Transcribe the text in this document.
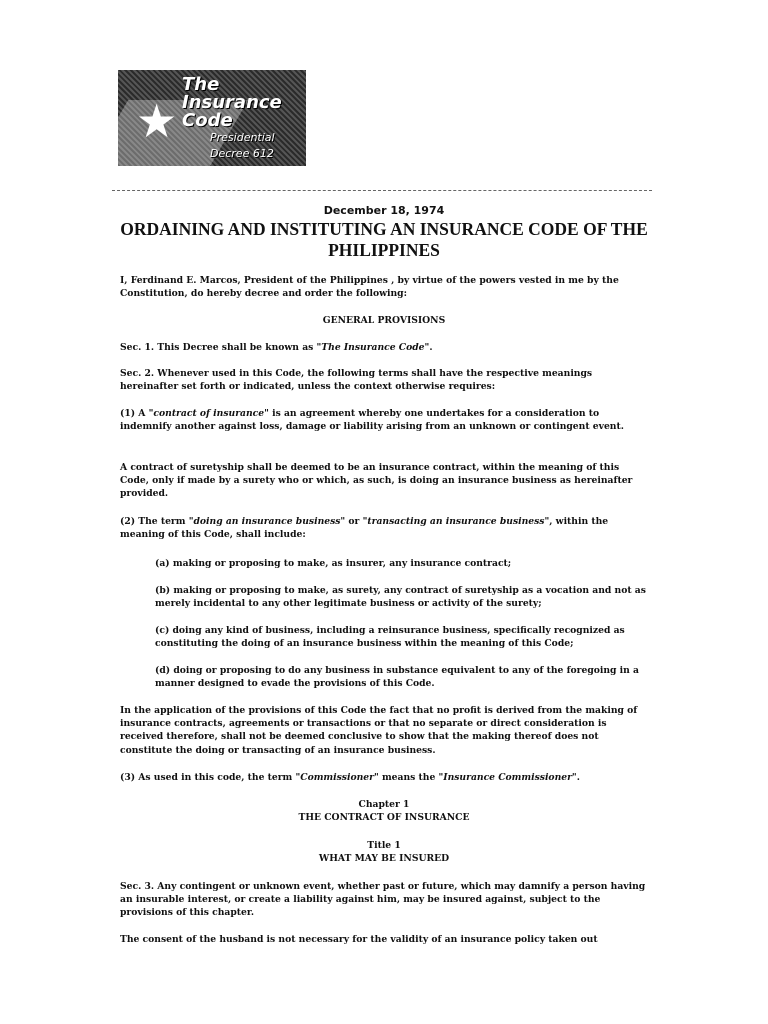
★
The
Insurance
Code
Presidential
Decree 612
December 18, 1974
ORDAINING AND INSTITUTING AN INSURANCE CODE OF THE PHILIPPINES

I, Ferdinand E. Marcos, President of the Philippines , by virtue of the powers vested in me by the Constitution, do hereby decree and order the following:

GENERAL PROVISIONS

Sec. 1. This Decree shall be known as "The Insurance Code".

Sec. 2. Whenever used in this Code, the following terms shall have the respective meanings hereinafter set forth or indicated, unless the context otherwise requires:

(1) A "contract of insurance" is an agreement whereby one undertakes for a consideration to indemnify another against loss, damage or liability arising from an unknown or contingent event.

A contract of suretyship shall be deemed to be an insurance contract, within the meaning of this Code, only if made by a surety who or which, as such, is doing an insurance business as hereinafter provided.

(2) The term "doing an insurance business" or "transacting an insurance business", within the meaning of this Code, shall include:

(a) making or proposing to make, as insurer, any insurance contract;

(b) making or proposing to make, as surety, any contract of suretyship as a vocation and not as merely incidental to any other legitimate business or activity of the surety;

(c) doing any kind of business, including a reinsurance business, specifically recognized as constituting the doing of an insurance business within the meaning of this Code;

(d) doing or proposing to do any business in substance equivalent to any of the foregoing in a manner designed to evade the provisions of this Code.

In the application of the provisions of this Code the fact that no profit is derived from the making of insurance contracts, agreements or transactions or that no separate or direct consideration is received therefore, shall not be deemed conclusive to show that the making thereof does not constitute the doing or transacting of an insurance business.

(3) As used in this code, the term "Commissioner" means the "Insurance Commissioner".

Chapter 1

THE CONTRACT OF INSURANCE

Title 1

WHAT MAY BE INSURED

Sec. 3. Any contingent or unknown event, whether past or future, which may damnify a person having an insurable interest, or create a liability against him, may be insured against, subject to the provisions of this chapter.

The consent of the husband is not necessary for the validity of an insurance policy taken out
